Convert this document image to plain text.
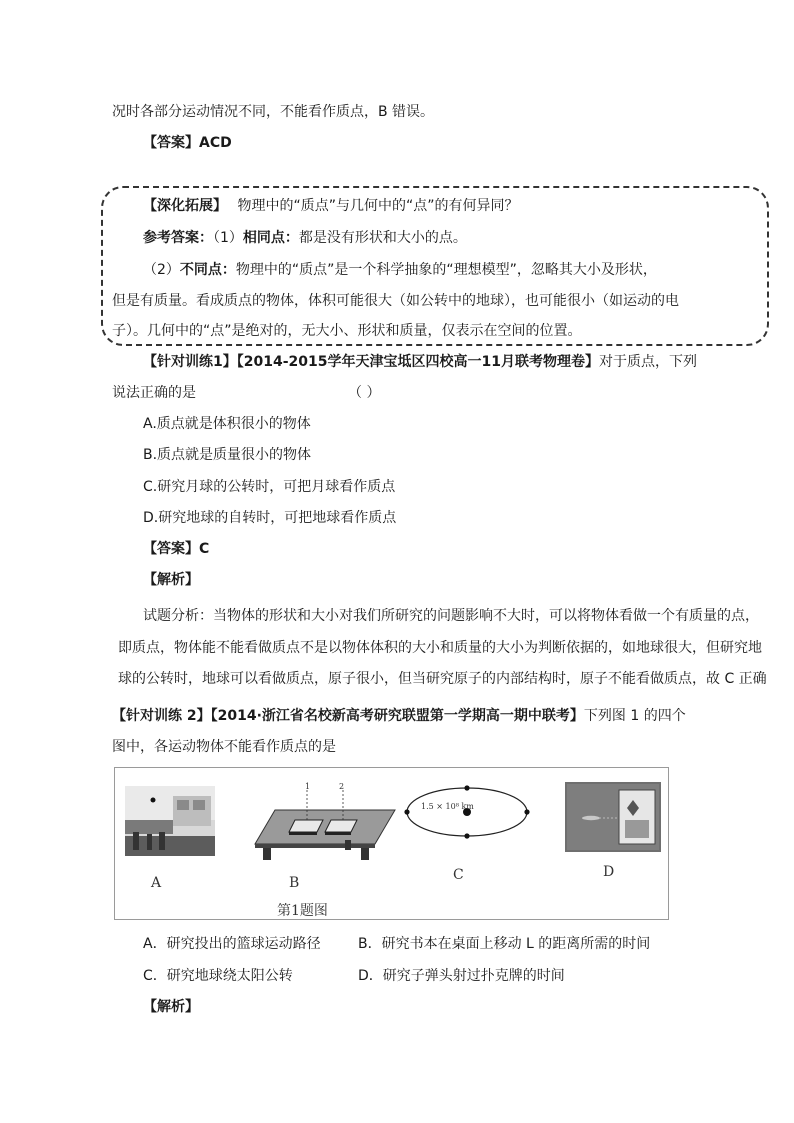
况时各部分运动情况不同，不能看作质点，B 错误。
【答案】ACD
【深化拓展】 物理中的“质点”与几何中的“点”的有何异同？
参考答案：（1）相同点：都是没有形状和大小的点。
（2）不同点：物理中的“质点”是一个科学抽象的“理想模型”，忽略其大小及形状，
但是有质量。看成质点的物体，体积可能很大（如公转中的地球），也可能很小（如运动的电
子）。几何中的“点”是绝对的，无大小、形状和质量，仅表示在空间的位置。
【针对训练1】【2014-2015学年天津宝坻区四校高一11月联考物理卷】对于质点，下列
说法正确的是	（ ）
A.质点就是体积很小的物体
B.质点就是质量很小的物体
C.研究月球的公转时，可把月球看作质点
D.研究地球的自转时，可把地球看作质点
【答案】C
【解析】
试题分析：当物体的形状和大小对我们所研究的问题影响不大时，可以将物体看做一个有质量的点，
即质点，物体能不能看做质点不是以物体体积的大小和质量的大小为判断依据的，如地球很大，但研究地
球的公转时，地球可以看做质点，原子很小，但当研究原子的内部结构时，原子不能看做质点，故 C 正确
【针对训练 2】【2014·浙江省名校新高考研究联盟第一学期高一期中联考】下列图 1 的四个
图中，各运动物体不能看作质点的是
1	2
1.5 × 10⁸ km
A	B	C	D
第1题图
A．研究投出的篮球运动路径	B．研究书本在桌面上移动 L 的距离所需的时间
C．研究地球绕太阳公转	D．研究子弹头射过扑克牌的时间
【解析】
